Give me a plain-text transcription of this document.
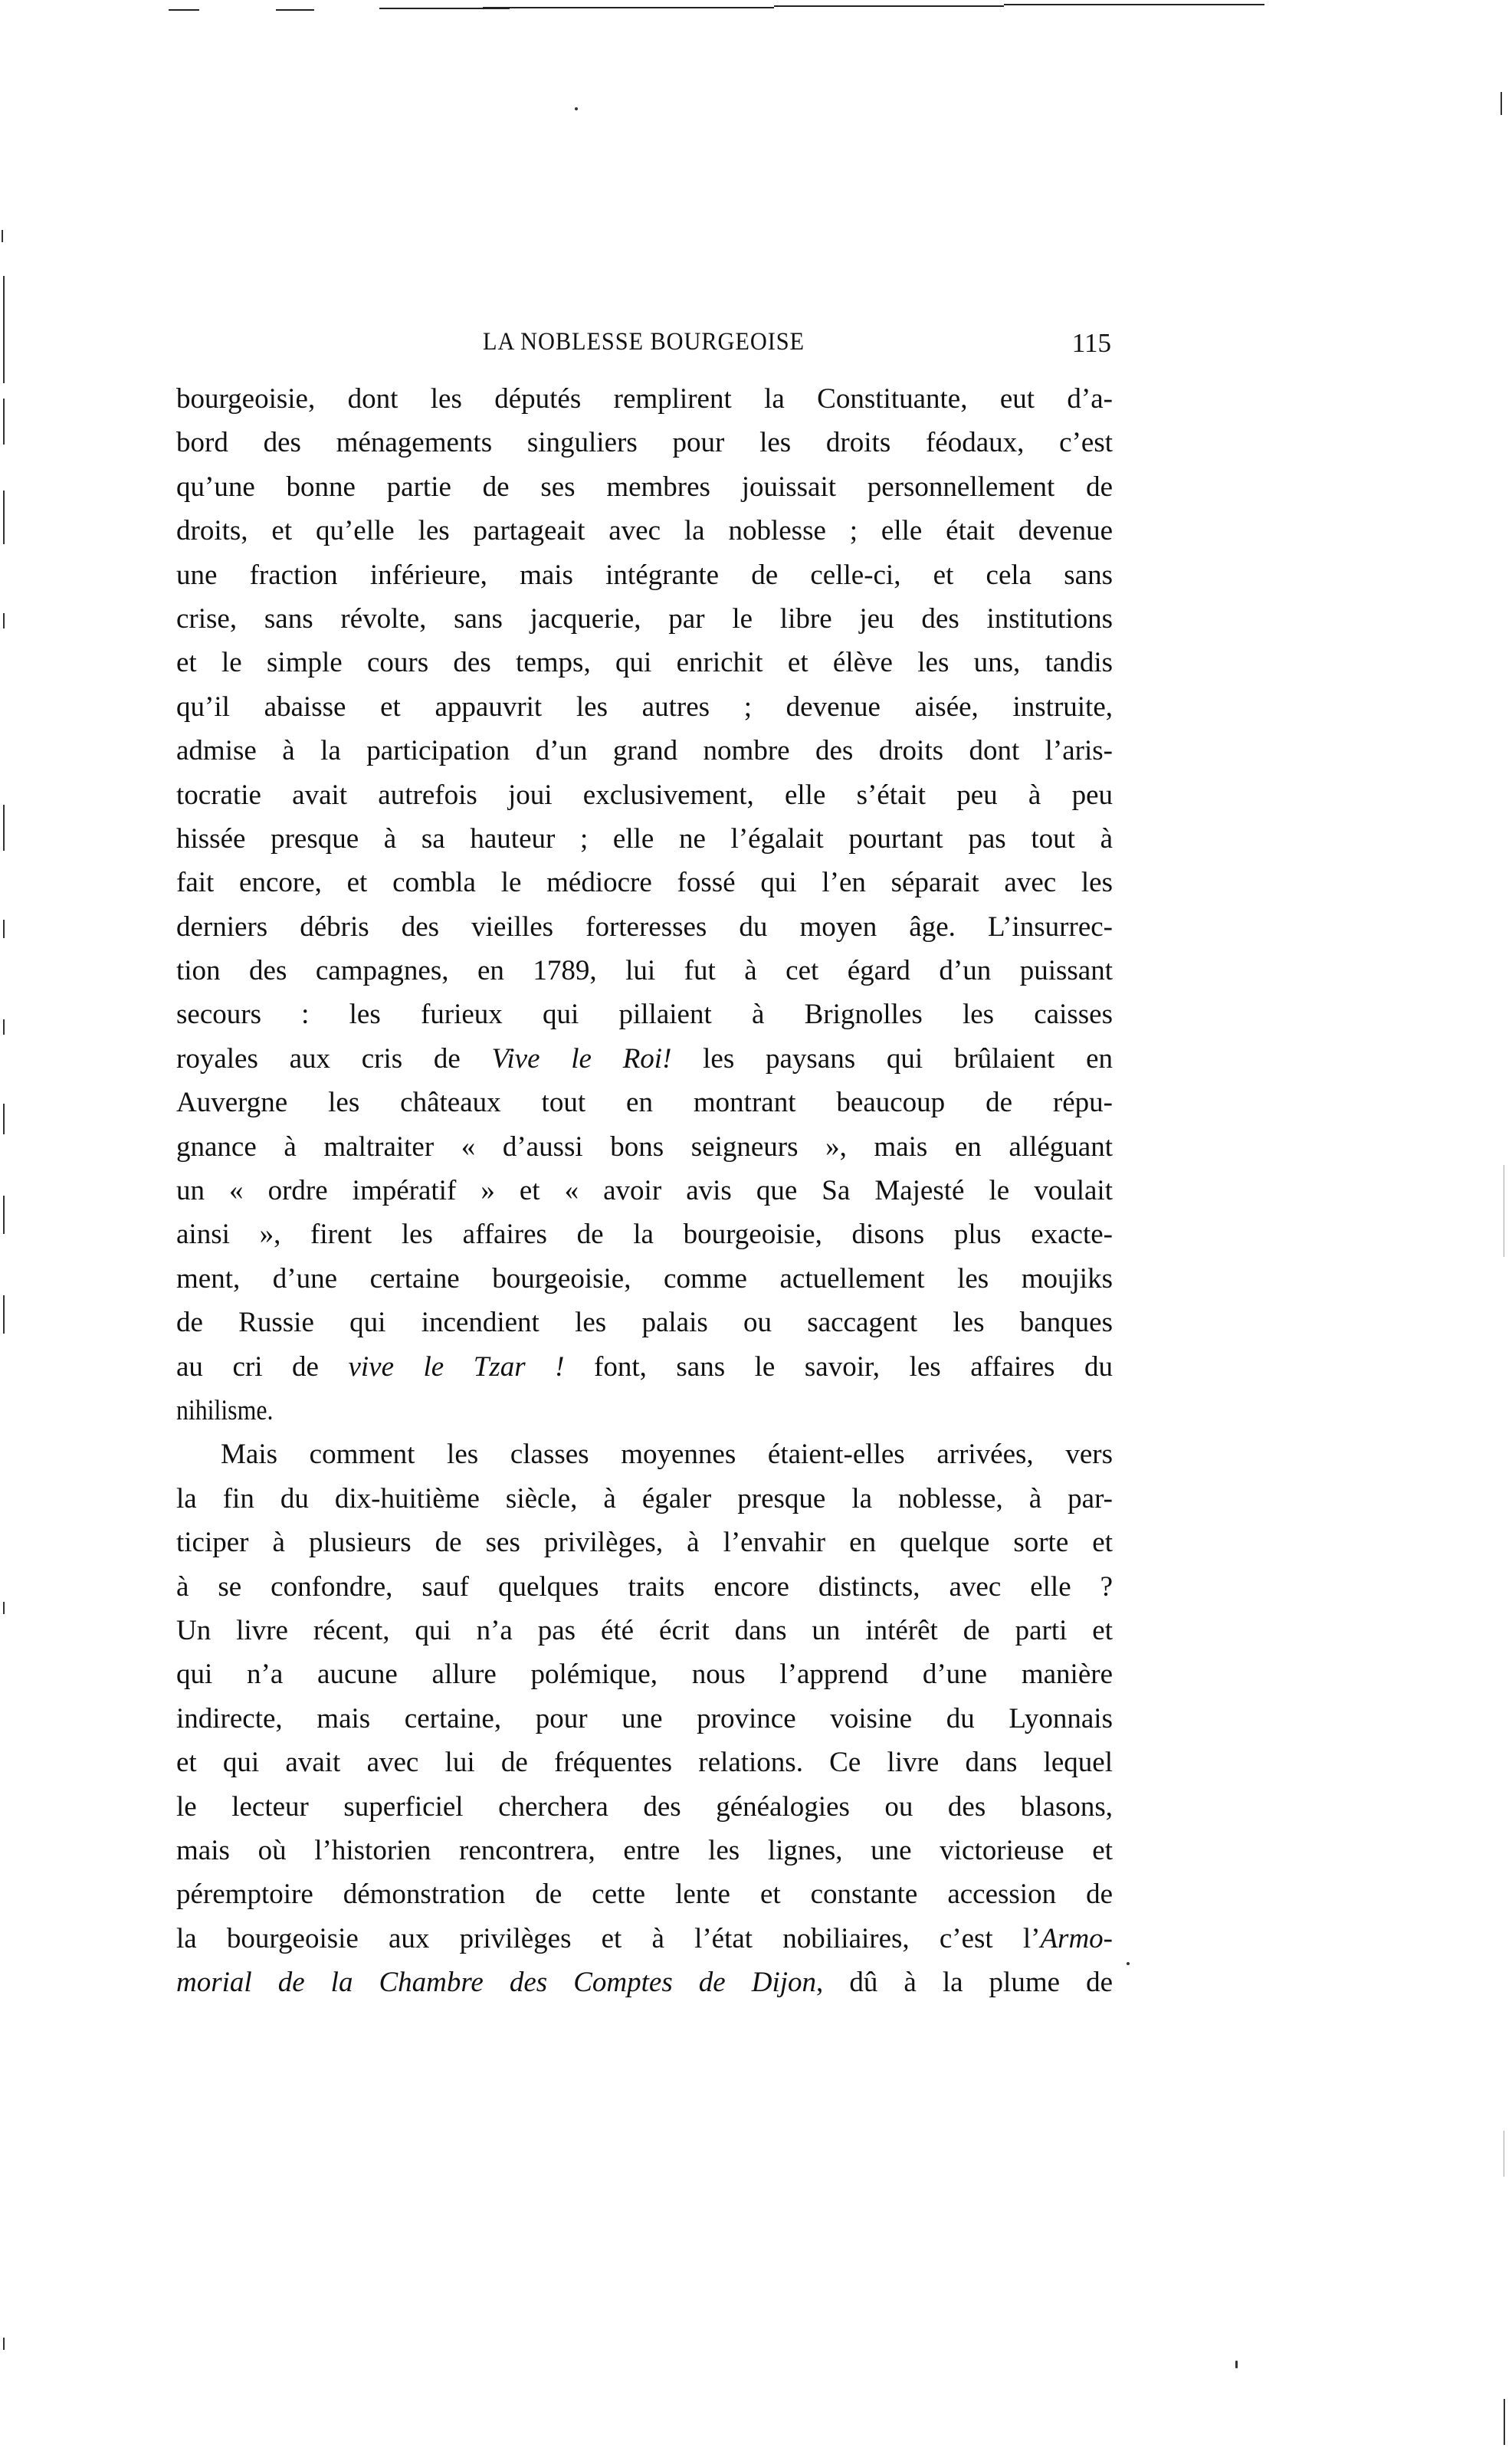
LA NOBLESSE BOURGEOISE	115
bourgeoisie, dont les députés remplirent la Constituante, eut d’a-
bord des ménagements singuliers pour les droits féodaux, c’est
qu’une bonne partie de ses membres jouissait personnellement de
droits, et qu’elle les partageait avec la noblesse ; elle était devenue
une fraction inférieure, mais intégrante de celle-ci, et cela sans
crise, sans révolte, sans jacquerie, par le libre jeu des institutions
et le simple cours des temps, qui enrichit et élève les uns, tandis
qu’il abaisse et appauvrit les autres ; devenue aisée, instruite,
admise à la participation d’un grand nombre des droits dont l’aris-
tocratie avait autrefois joui exclusivement, elle s’était peu à peu
hissée presque à sa hauteur ; elle ne l’égalait pourtant pas tout à
fait encore, et combla le médiocre fossé qui l’en séparait avec les
derniers débris des vieilles forteresses du moyen âge. L’insurrec-
tion des campagnes, en 1789, lui fut à cet égard d’un puissant
secours : les furieux qui pillaient à Brignolles les caisses
royales aux cris de Vive le Roi! les paysans qui brûlaient en
Auvergne les châteaux tout en montrant beaucoup de répu-
gnance à maltraiter « d’aussi bons seigneurs », mais en alléguant
un « ordre impératif » et « avoir avis que Sa Majesté le voulait
ainsi », firent les affaires de la bourgeoisie, disons plus exacte-
ment, d’une certaine bourgeoisie, comme actuellement les moujiks
de Russie qui incendient les palais ou saccagent les banques
au cri de vive le Tzar ! font, sans le savoir, les affaires du
nihilisme.
Mais comment les classes moyennes étaient-elles arrivées, vers
la fin du dix-huitième siècle, à égaler presque la noblesse, à par-
ticiper à plusieurs de ses privilèges, à l’envahir en quelque sorte et
à se confondre, sauf quelques traits encore distincts, avec elle ?
Un livre récent, qui n’a pas été écrit dans un intérêt de parti et
qui n’a aucune allure polémique, nous l’apprend d’une manière
indirecte, mais certaine, pour une province voisine du Lyonnais
et qui avait avec lui de fréquentes relations. Ce livre dans lequel
le lecteur superficiel cherchera des généalogies ou des blasons,
mais où l’historien rencontrera, entre les lignes, une victorieuse et
péremptoire démonstration de cette lente et constante accession de
la bourgeoisie aux privilèges et à l’état nobiliaires, c’est l’Armo-
morial de la Chambre des Comptes de Dijon, dû à la plume de
